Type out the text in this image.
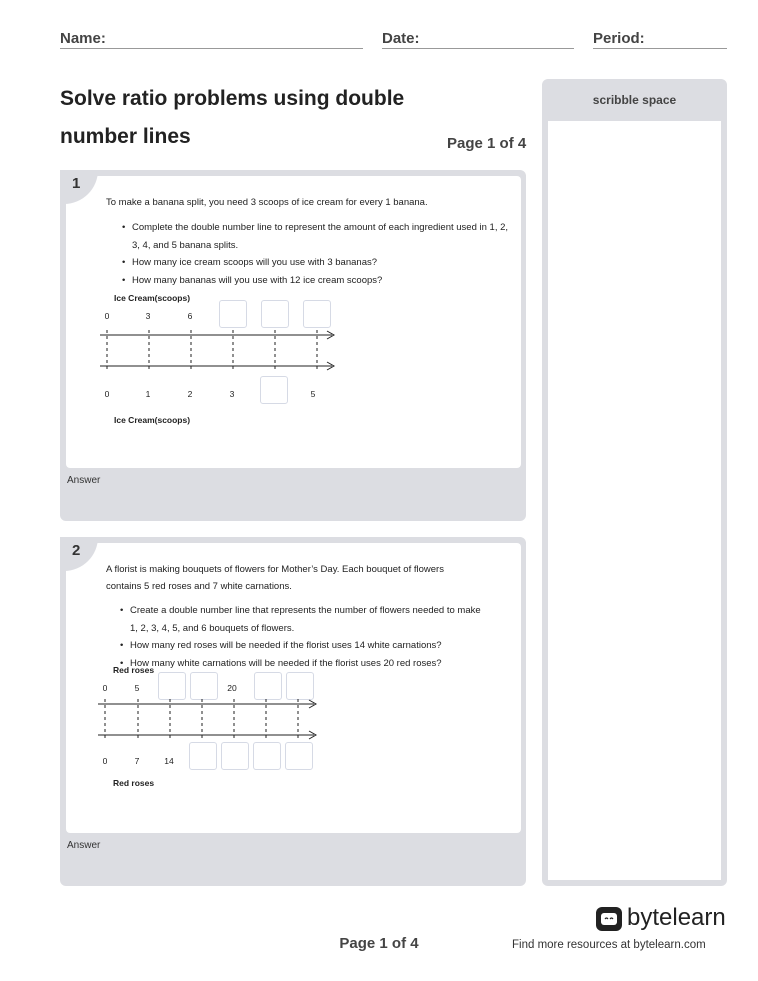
Name:	Date:	Period:
Solve ratio problems using double
number lines	Page 1 of 4
scribble space
To make a banana split, you need 3 scoops of ice cream for every 1 banana.
• Complete the double number line to represent the amount of each ingredient used in 1, 2, 3, 4, and 5 banana splits.
• How many ice cream scoops will you use with 3 bananas?
• How many bananas will you use with 12 ice cream scoops?
Ice Cream(scoops)
0	3	6
0	1	2	3	5
Ice Cream(scoops)
1
Answer
A florist is making bouquets of flowers for Mother’s Day. Each bouquet of flowers
contains 5 red roses and 7 white carnations.
• Create a double number line that represents the number of flowers needed to make 1, 2, 3, 4, 5, and 6 bouquets of flowers.
• How many red roses will be needed if the florist uses 14 white carnations?
• How many white carnations will be needed if the florist uses 20 red roses?
Red roses
0	5	20
0	7	14
Red roses
2
Answer
Page 1 of 4
bytelearn
Find more resources at bytelearn.com
